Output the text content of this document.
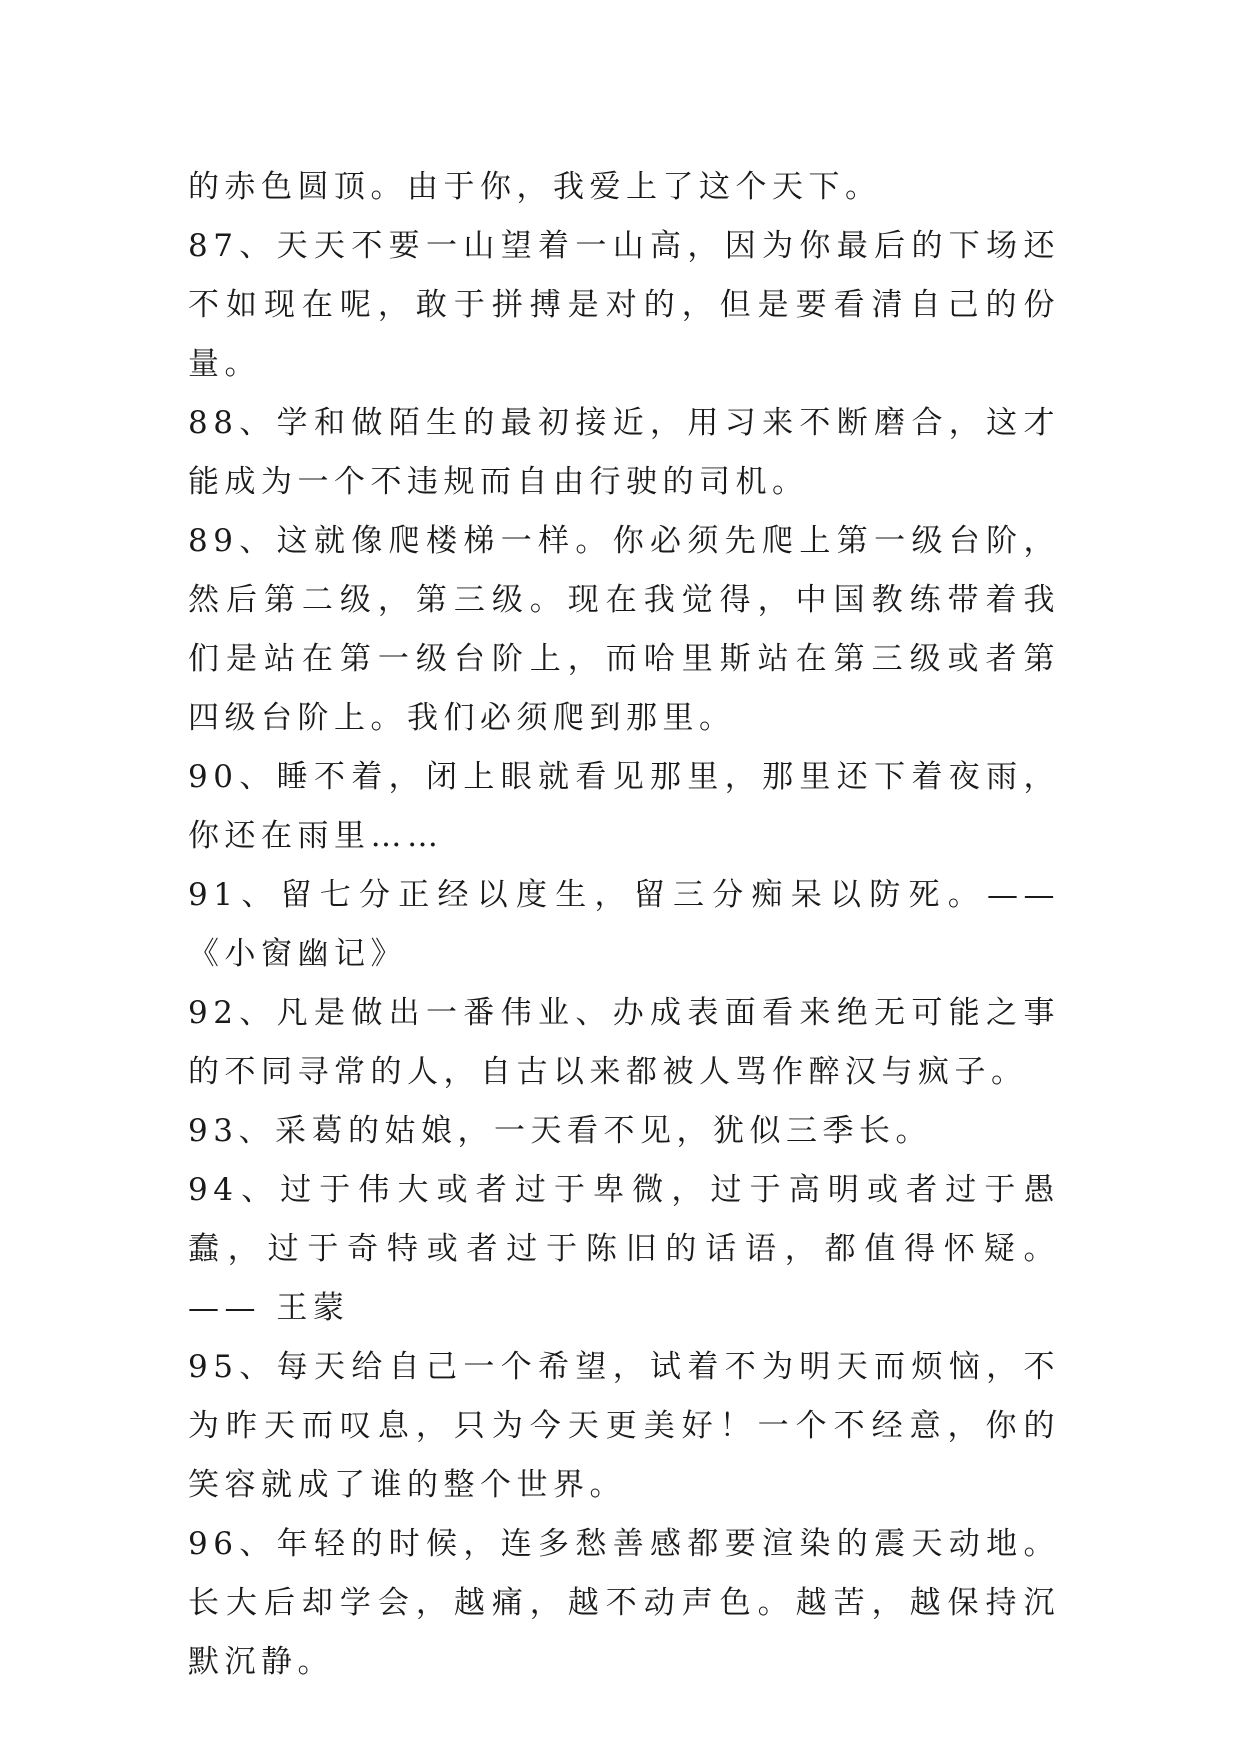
的赤色圆顶。由于你，我爱上了这个天下。

87、天天不要一山望着一山高，因为你最后的下场还不如现在呢，敢于拼搏是对的，但是要看清自己的份量。

88、学和做陌生的最初接近，用习来不断磨合，这才能成为一个不违规而自由行驶的司机。

89、这就像爬楼梯一样。你必须先爬上第一级台阶，然后第二级，第三级。现在我觉得，中国教练带着我们是站在第一级台阶上，而哈里斯站在第三级或者第四级台阶上。我们必须爬到那里。

90、睡不着，闭上眼就看见那里，那里还下着夜雨，你还在雨里……

91、留七分正经以度生，留三分痴呆以防死。——《小窗幽记》

92、凡是做出一番伟业、办成表面看来绝无可能之事的不同寻常的人，自古以来都被人骂作醉汉与疯子。

93、采葛的姑娘，一天看不见，犹似三季长。

94、过于伟大或者过于卑微，过于高明或者过于愚蠢，过于奇特或者过于陈旧的话语，都值得怀疑。 —— 王蒙

95、每天给自己一个希望，试着不为明天而烦恼，不为昨天而叹息，只为今天更美好！一个不经意，你的笑容就成了谁的整个世界。

96、年轻的时候，连多愁善感都要渲染的震天动地。长大后却学会，越痛，越不动声色。越苦，越保持沉默沉静。
